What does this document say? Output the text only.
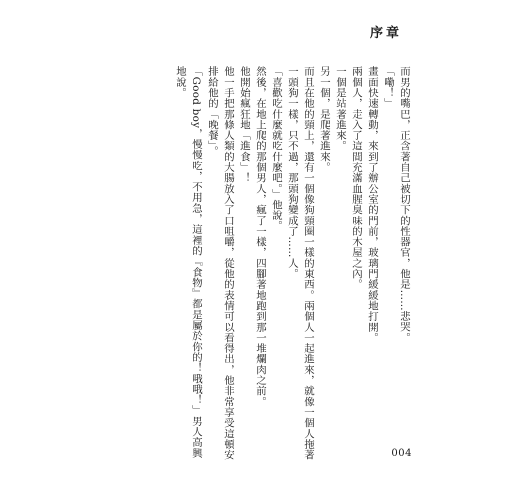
序章

而男的嘴巴，正含著自己被切下的性器官，他是……悲哭。

「嘞！」

畫面快速轉動，來到了辦公室的門前，玻璃門緩緩地打開。

兩個人，走入了這間充滿血腥臭味的木屋之內。

一個是站著進來。

另一個，是爬著進來。

而且在他的頸上，還有一個像狗頸圈一樣的東西。兩個人一起進來，就像一個人拖著一頭狗一樣，只不過，那頭狗變成了……人。

「喜歡吃什麼就吃什麼吧。」他說。

然後，在地上爬的那個男人，瘋了一樣，四腳著地跑到那一堆爛肉之前。

他開始瘋狂地「進食」！

他一手把那條人類的大腸放入了口咀嚼，從他的表情可以看得出，他非常享受這頓安排給他的「晚餐」。

「Good boy，慢慢吃，不用急，這裡的『食物』都是屬於你的！哦哦！」男人高興地說。

004
